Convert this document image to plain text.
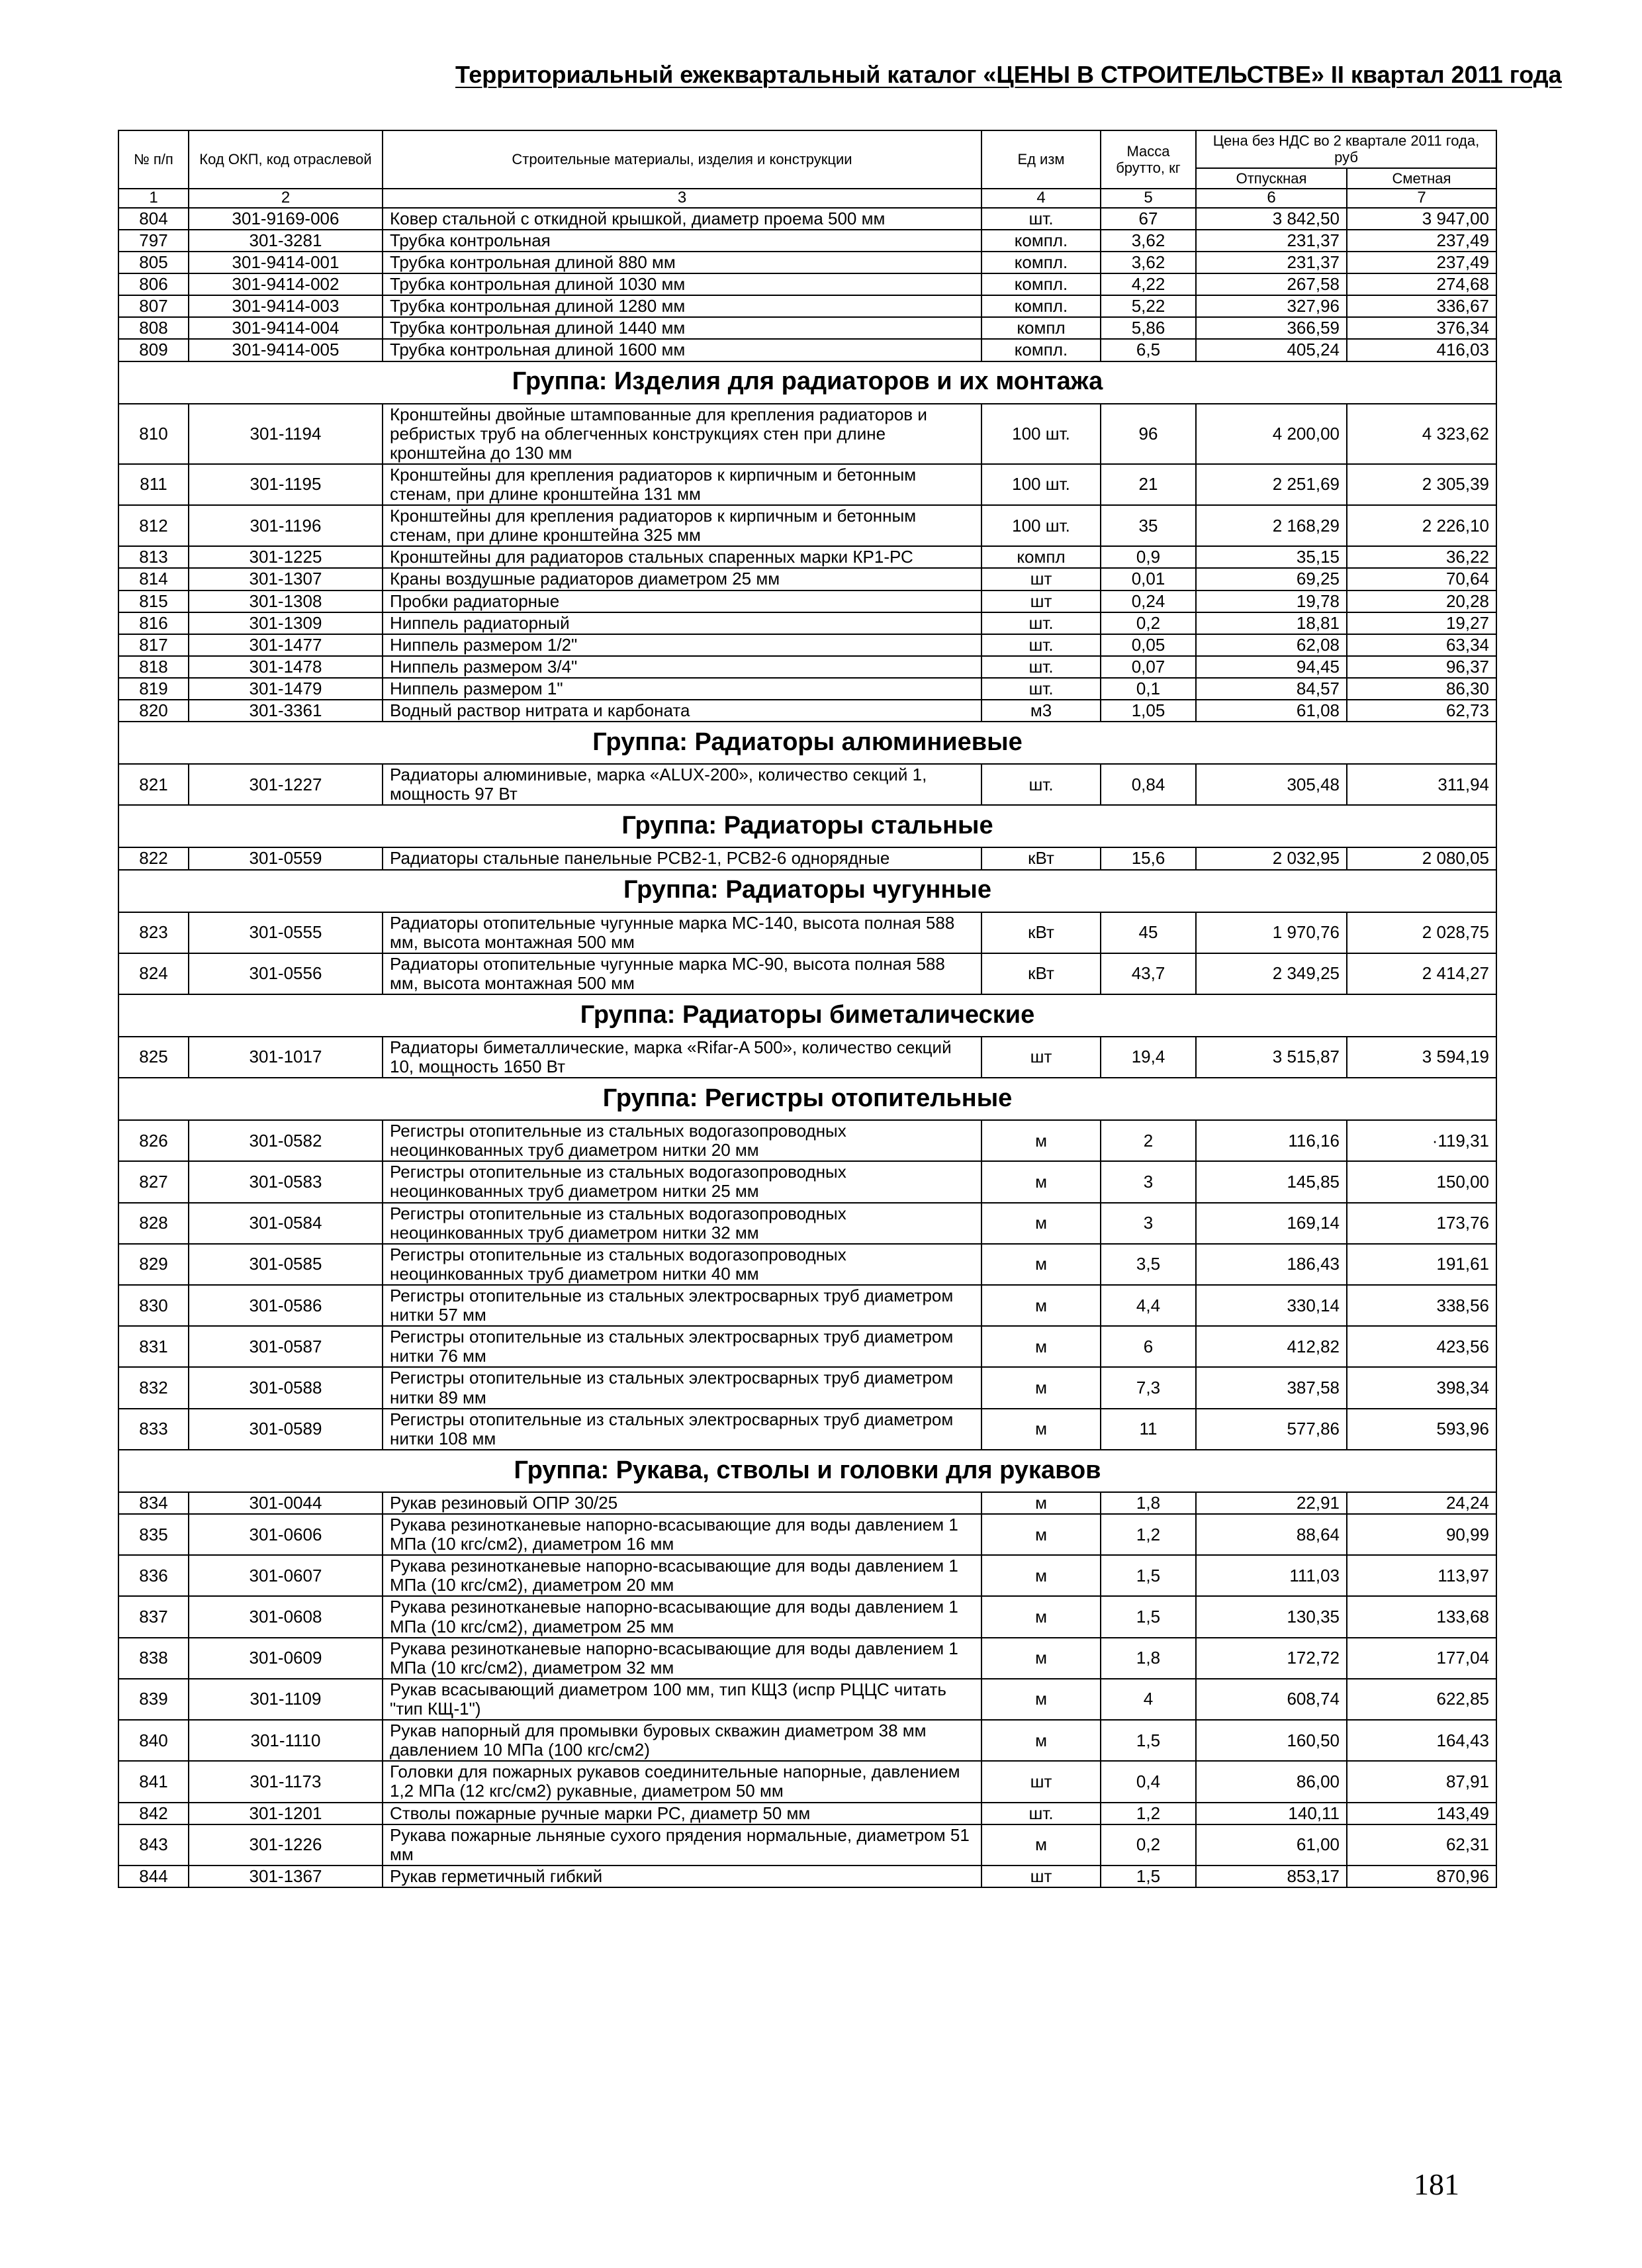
Территориальный ежеквартальный каталог «ЦЕНЫ В СТРОИТЕЛЬСТВЕ» II квартал 2011 года
№ п/п	Код ОКП, код отраслевой	Строительные материалы, изделия и конструкции	Ед изм	Масса брутто, кг	Цена без НДС во 2 квартале 2011 года, руб	
					Отпускная	Сметная
1	2	3	4	5	6	7
804	301-9169-006	Ковер стальной с откидной крышкой, диаметр проема 500 мм	шт.	67	3 842,50	3 947,00
797	301-3281	Трубка контрольная	компл.	3,62	231,37	237,49
805	301-9414-001	Трубка контрольная длиной 880 мм	компл.	3,62	231,37	237,49
806	301-9414-002	Трубка контрольная длиной 1030 мм	компл.	4,22	267,58	274,68
807	301-9414-003	Трубка контрольная длиной 1280 мм	компл.	5,22	327,96	336,67
808	301-9414-004	Трубка контрольная длиной 1440 мм	компл	5,86	366,59	376,34
809	301-9414-005	Трубка контрольная длиной 1600 мм	компл.	6,5	405,24	416,03
Группа: Изделия для радиаторов и их монтажа						
810	301-1194	Кронштейны двойные штампованные для крепления радиаторов и ребристых труб на облегченных конструкциях стен при длине кронштейна до 130 мм	100 шт.	96	4 200,00	4 323,62
811	301-1195	Кронштейны для крепления радиаторов к кирпичным и бетонным стенам, при длине кронштейна 131 мм	100 шт.	21	2 251,69	2 305,39
812	301-1196	Кронштейны для крепления радиаторов к кирпичным и бетонным стенам, при длине кронштейна 325 мм	100 шт.	35	2 168,29	2 226,10
813	301-1225	Кронштейны для радиаторов стальных спаренных марки КР1-РС	компл	0,9	35,15	36,22
814	301-1307	Краны воздушные радиаторов диаметром 25 мм	шт	0,01	69,25	70,64
815	301-1308	Пробки радиаторные	шт	0,24	19,78	20,28
816	301-1309	Ниппель радиаторный	шт.	0,2	18,81	19,27
817	301-1477	Ниппель размером 1/2"	шт.	0,05	62,08	63,34
818	301-1478	Ниппель размером 3/4"	шт.	0,07	94,45	96,37
819	301-1479	Ниппель размером 1"	шт.	0,1	84,57	86,30
820	301-3361	Водный раствор нитрата и карбоната	м3	1,05	61,08	62,73
Группа: Радиаторы алюминиевые						
821	301-1227	Радиаторы алюминивые, марка «ALUX-200», количество секций 1, мощность 97 Вт	шт.	0,84	305,48	311,94
Группа: Радиаторы стальные						
822	301-0559	Радиаторы стальные панельные РСВ2-1, РСВ2-6 однорядные	кВт	15,6	2 032,95	2 080,05
Группа: Радиаторы чугунные						
823	301-0555	Радиаторы отопительные чугунные марка МС-140, высота полная 588 мм, высота монтажная 500 мм	кВт	45	1 970,76	2 028,75
824	301-0556	Радиаторы отопительные чугунные марка МС-90, высота полная 588 мм, высота монтажная 500 мм	кВт	43,7	2 349,25	2 414,27
Группа: Радиаторы биметалические						
825	301-1017	Радиаторы биметаллические, марка «Rifar-A 500», количество секций 10, мощность 1650 Вт	шт	19,4	3 515,87	3 594,19
Группа: Регистры отопительные						
826	301-0582	Регистры отопительные из стальных водогазопроводных неоцинкованных труб диаметром нитки 20 мм	м	2	116,16	·119,31
827	301-0583	Регистры отопительные из стальных водогазопроводных неоцинкованных труб диаметром нитки 25 мм	м	3	145,85	150,00
828	301-0584	Регистры отопительные из стальных водогазопроводных неоцинкованных труб диаметром нитки 32 мм	м	3	169,14	173,76
829	301-0585	Регистры отопительные из стальных водогазопроводных неоцинкованных труб диаметром нитки 40 мм	м	3,5	186,43	191,61
830	301-0586	Регистры отопительные из стальных электросварных труб диаметром нитки 57 мм	м	4,4	330,14	338,56
831	301-0587	Регистры отопительные из стальных электросварных труб диаметром нитки 76 мм	м	6	412,82	423,56
832	301-0588	Регистры отопительные из стальных электросварных труб диаметром нитки 89 мм	м	7,3	387,58	398,34
833	301-0589	Регистры отопительные из стальных электросварных труб диаметром нитки 108 мм	м	11	577,86	593,96
Группа: Рукава, стволы и головки для рукавов						
834	301-0044	Рукав резиновый ОПР 30/25	м	1,8	22,91	24,24
835	301-0606	Рукава резинотканевые напорно-всасывающие для воды давлением 1 МПа (10 кгс/см2), диаметром 16 мм	м	1,2	88,64	90,99
836	301-0607	Рукава резинотканевые напорно-всасывающие для воды давлением 1 МПа (10 кгс/см2), диаметром 20 мм	м	1,5	111,03	113,97
837	301-0608	Рукава резинотканевые напорно-всасывающие для воды давлением 1 МПа (10 кгс/см2), диаметром 25 мм	м	1,5	130,35	133,68
838	301-0609	Рукава резинотканевые напорно-всасывающие для воды давлением 1 МПа (10 кгс/см2), диаметром 32 мм	м	1,8	172,72	177,04
839	301-1109	Рукав всасывающий диаметром 100 мм, тип КЩЗ (испр РЦЦС читать "тип КЩ-1")	м	4	608,74	622,85
840	301-1110	Рукав напорный для промывки буровых скважин диаметром 38 мм давлением 10 МПа (100 кгс/см2)	м	1,5	160,50	164,43
841	301-1173	Головки для пожарных рукавов соединительные напорные, давлением 1,2 МПа (12 кгс/см2) рукавные, диаметром 50 мм	шт	0,4	86,00	87,91
842	301-1201	Стволы пожарные ручные марки РС, диаметр 50 мм	шт.	1,2	140,11	143,49
843	301-1226	Рукава пожарные льняные сухого прядения нормальные, диаметром 51 мм	м	0,2	61,00	62,31
844	301-1367	Рукав герметичный гибкий	шт	1,5	853,17	870,96
181
